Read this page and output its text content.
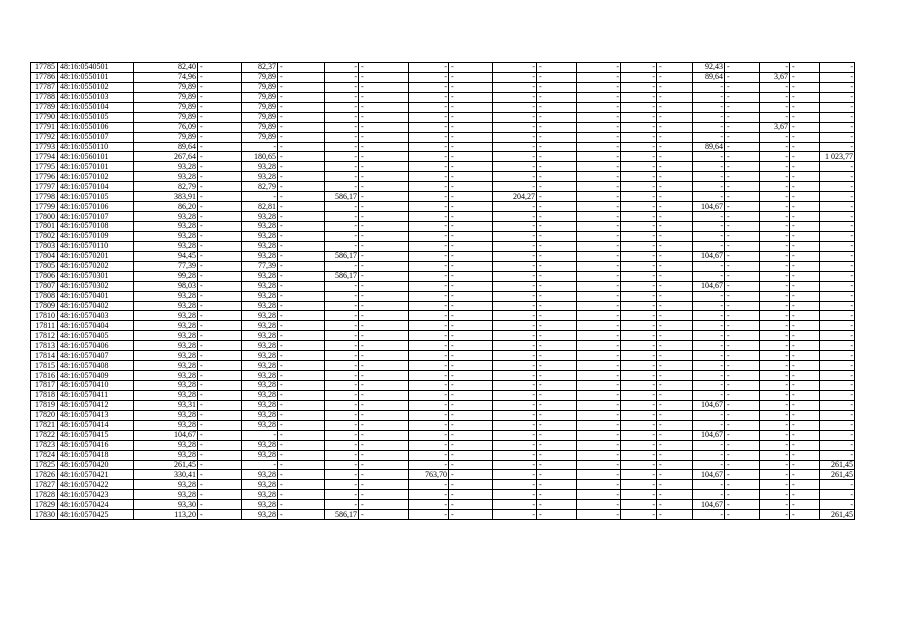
17785	48:16:0540501	82,40	-	82,37	-	-	-	-	-	-	-	-	-	-	92,43	-	-	-	-
17786	48:16:0550101	74,96	-	79,89	-	-	-	-	-	-	-	-	-	-	89,64	-	3,67	-	-
17787	48:16:0550102	79,89	-	79,89	-	-	-	-	-	-	-	-	-	-	-	-	-	-	-
17788	48:16:0550103	79,89	-	79,89	-	-	-	-	-	-	-	-	-	-	-	-	-	-	-
17789	48:16:0550104	79,89	-	79,89	-	-	-	-	-	-	-	-	-	-	-	-	-	-	-
17790	48:16:0550105	79,89	-	79,89	-	-	-	-	-	-	-	-	-	-	-	-	-	-	-
17791	48:16:0550106	76,09	-	79,89	-	-	-	-	-	-	-	-	-	-	-	-	3,67	-	-
17792	48:16:0550107	79,89	-	79,89	-	-	-	-	-	-	-	-	-	-	-	-	-	-	-
17793	48:16:0550110	89,64	-	-	-	-	-	-	-	-	-	-	-	-	89,64	-	-	-	-
17794	48:16:0560101	267,64	-	180,65	-	-	-	-	-	-	-	-	-	-	-	-	-	-	1 023,77
17795	48:16:0570101	93,28	-	93,28	-	-	-	-	-	-	-	-	-	-	-	-	-	-	-
17796	48:16:0570102	93,28	-	93,28	-	-	-	-	-	-	-	-	-	-	-	-	-	-	-
17797	48:16:0570104	82,79	-	82,79	-	-	-	-	-	-	-	-	-	-	-	-	-	-	-
17798	48:16:0570105	383,91	-	-	-	586,17	-	-	-	204,27	-	-	-	-	-	-	-	-	-
17799	48:16:0570106	86,20	-	82,81	-	-	-	-	-	-	-	-	-	-	104,67	-	-	-	-
17800	48:16:0570107	93,28	-	93,28	-	-	-	-	-	-	-	-	-	-	-	-	-	-	-
17801	48:16:0570108	93,28	-	93,28	-	-	-	-	-	-	-	-	-	-	-	-	-	-	-
17802	48:16:0570109	93,28	-	93,28	-	-	-	-	-	-	-	-	-	-	-	-	-	-	-
17803	48:16:0570110	93,28	-	93,28	-	-	-	-	-	-	-	-	-	-	-	-	-	-	-
17804	48:16:0570201	94,45	-	93,28	-	586,17	-	-	-	-	-	-	-	-	104,67	-	-	-	-
17805	48:16:0570202	77,39	-	77,39	-	-	-	-	-	-	-	-	-	-	-	-	-	-	-
17806	48:16:0570301	99,28	-	93,28	-	586,17	-	-	-	-	-	-	-	-	-	-	-	-	-
17807	48:16:0570302	98,03	-	93,28	-	-	-	-	-	-	-	-	-	-	104,67	-	-	-	-
17808	48:16:0570401	93,28	-	93,28	-	-	-	-	-	-	-	-	-	-	-	-	-	-	-
17809	48:16:0570402	93,28	-	93,28	-	-	-	-	-	-	-	-	-	-	-	-	-	-	-
17810	48:16:0570403	93,28	-	93,28	-	-	-	-	-	-	-	-	-	-	-	-	-	-	-
17811	48:16:0570404	93,28	-	93,28	-	-	-	-	-	-	-	-	-	-	-	-	-	-	-
17812	48:16:0570405	93,28	-	93,28	-	-	-	-	-	-	-	-	-	-	-	-	-	-	-
17813	48:16:0570406	93,28	-	93,28	-	-	-	-	-	-	-	-	-	-	-	-	-	-	-
17814	48:16:0570407	93,28	-	93,28	-	-	-	-	-	-	-	-	-	-	-	-	-	-	-
17815	48:16:0570408	93,28	-	93,28	-	-	-	-	-	-	-	-	-	-	-	-	-	-	-
17816	48:16:0570409	93,28	-	93,28	-	-	-	-	-	-	-	-	-	-	-	-	-	-	-
17817	48:16:0570410	93,28	-	93,28	-	-	-	-	-	-	-	-	-	-	-	-	-	-	-
17818	48:16:0570411	93,28	-	93,28	-	-	-	-	-	-	-	-	-	-	-	-	-	-	-
17819	48:16:0570412	93,31	-	93,28	-	-	-	-	-	-	-	-	-	-	104,67	-	-	-	-
17820	48:16:0570413	93,28	-	93,28	-	-	-	-	-	-	-	-	-	-	-	-	-	-	-
17821	48:16:0570414	93,28	-	93,28	-	-	-	-	-	-	-	-	-	-	-	-	-	-	-
17822	48:16:0570415	104,67	-	-	-	-	-	-	-	-	-	-	-	-	104,67	-	-	-	-
17823	48:16:0570416	93,28	-	93,28	-	-	-	-	-	-	-	-	-	-	-	-	-	-	-
17824	48:16:0570418	93,28	-	93,28	-	-	-	-	-	-	-	-	-	-	-	-	-	-	-
17825	48:16:0570420	261,45	-	-	-	-	-	-	-	-	-	-	-	-	-	-	-	-	261,45
17826	48:16:0570421	330,41	-	93,28	-	-	-	763,70	-	-	-	-	-	-	104,67	-	-	-	261,45
17827	48:16:0570422	93,28	-	93,28	-	-	-	-	-	-	-	-	-	-	-	-	-	-	-
17828	48:16:0570423	93,28	-	93,28	-	-	-	-	-	-	-	-	-	-	-	-	-	-	-
17829	48:16:0570424	93,30	-	93,28	-	-	-	-	-	-	-	-	-	-	104,67	-	-	-	-
17830	48:16:0570425	113,20	-	93,28	-	586,17	-	-	-	-	-	-	-	-	-	-	-	-	261,45
